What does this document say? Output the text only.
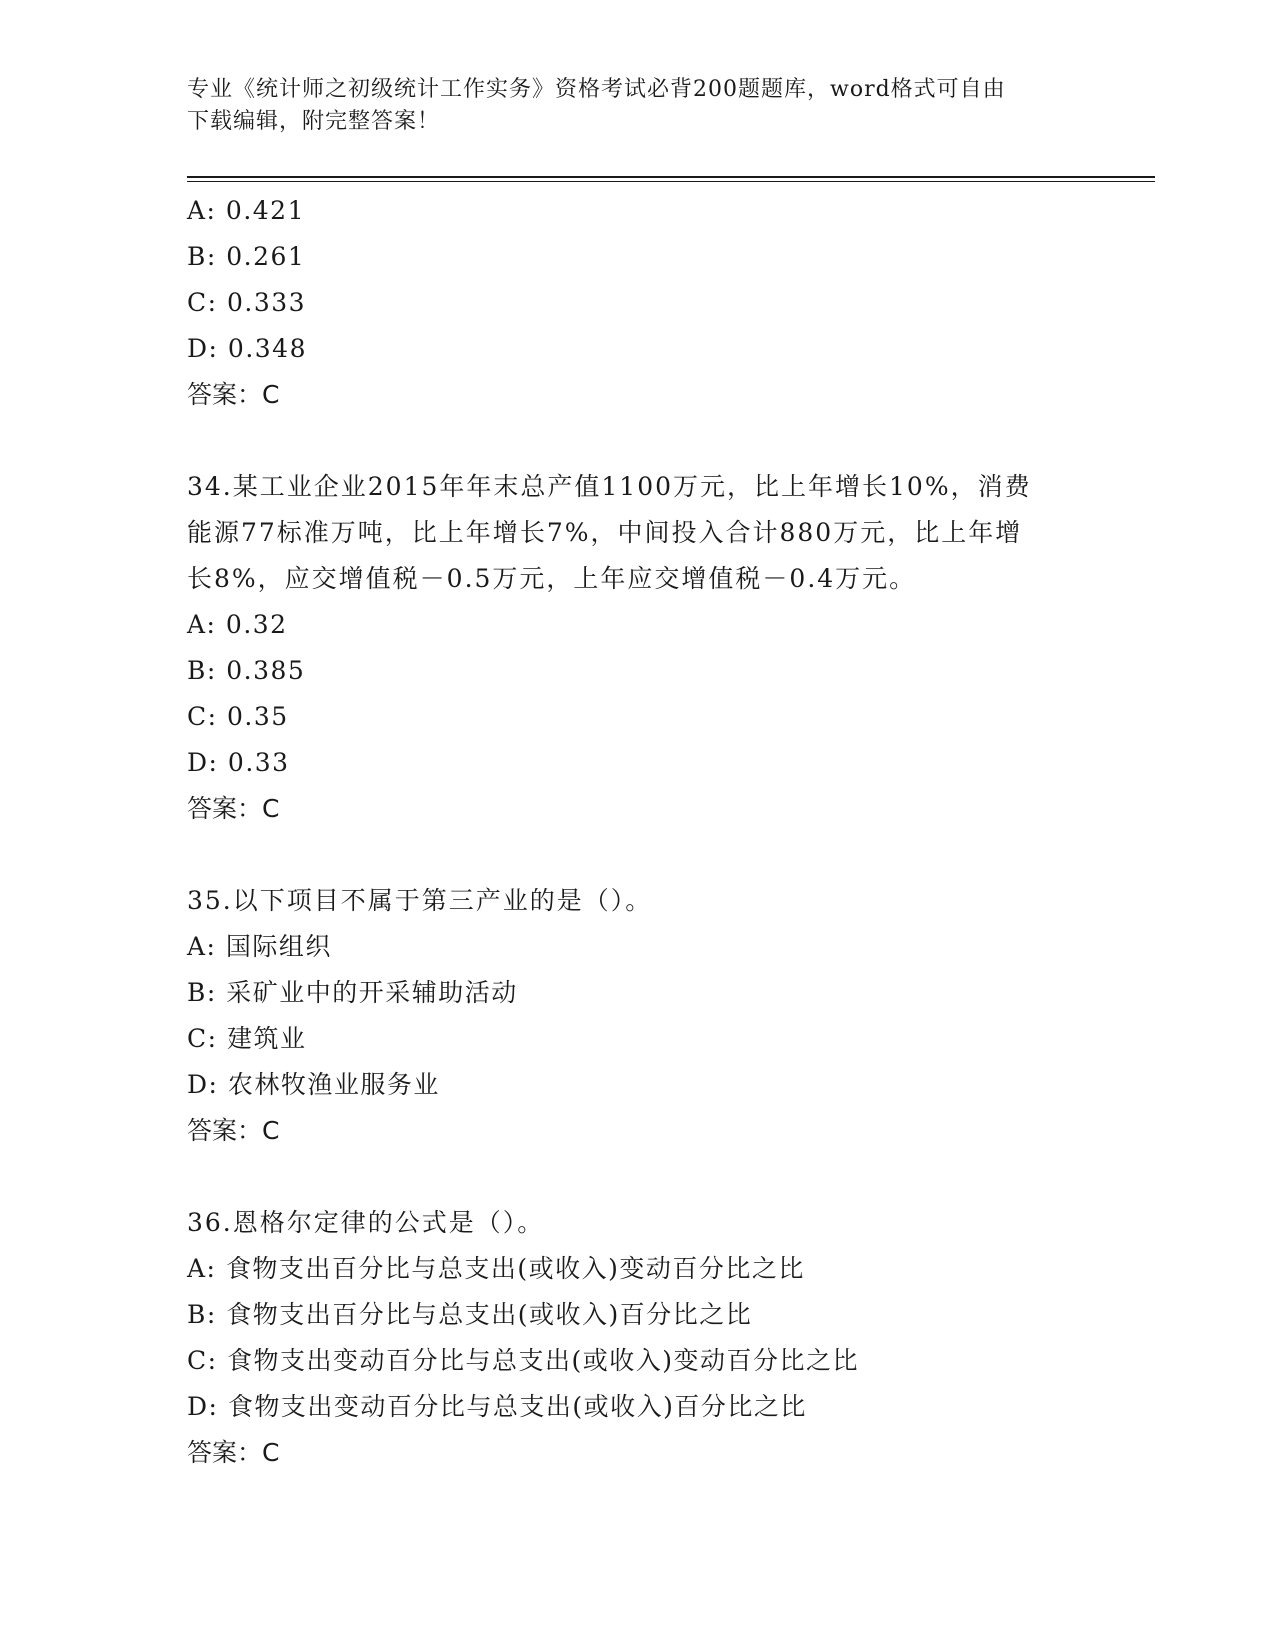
专业《统计师之初级统计工作实务》资格考试必背200题题库，word格式可自由
下载编辑，附完整答案！
A: 0.421
B: 0.261
C: 0.333
D: 0.348
答案：C
34.某工业企业2015年年末总产值1100万元，比上年增长10%，消费
能源77标准万吨，比上年增长7%，中间投入合计880万元，比上年增
长8%，应交增值税－0.5万元，上年应交增值税－0.4万元。
A: 0.32
B: 0.385
C: 0.35
D: 0.33
答案：C
35.以下项目不属于第三产业的是（）。
A: 国际组织
B: 采矿业中的开采辅助活动
C: 建筑业
D: 农林牧渔业服务业
答案：C
36.恩格尔定律的公式是（）。
A: 食物支出百分比与总支出(或收入)变动百分比之比
B: 食物支出百分比与总支出(或收入)百分比之比
C: 食物支出变动百分比与总支出(或收入)变动百分比之比
D: 食物支出变动百分比与总支出(或收入)百分比之比
答案：C
